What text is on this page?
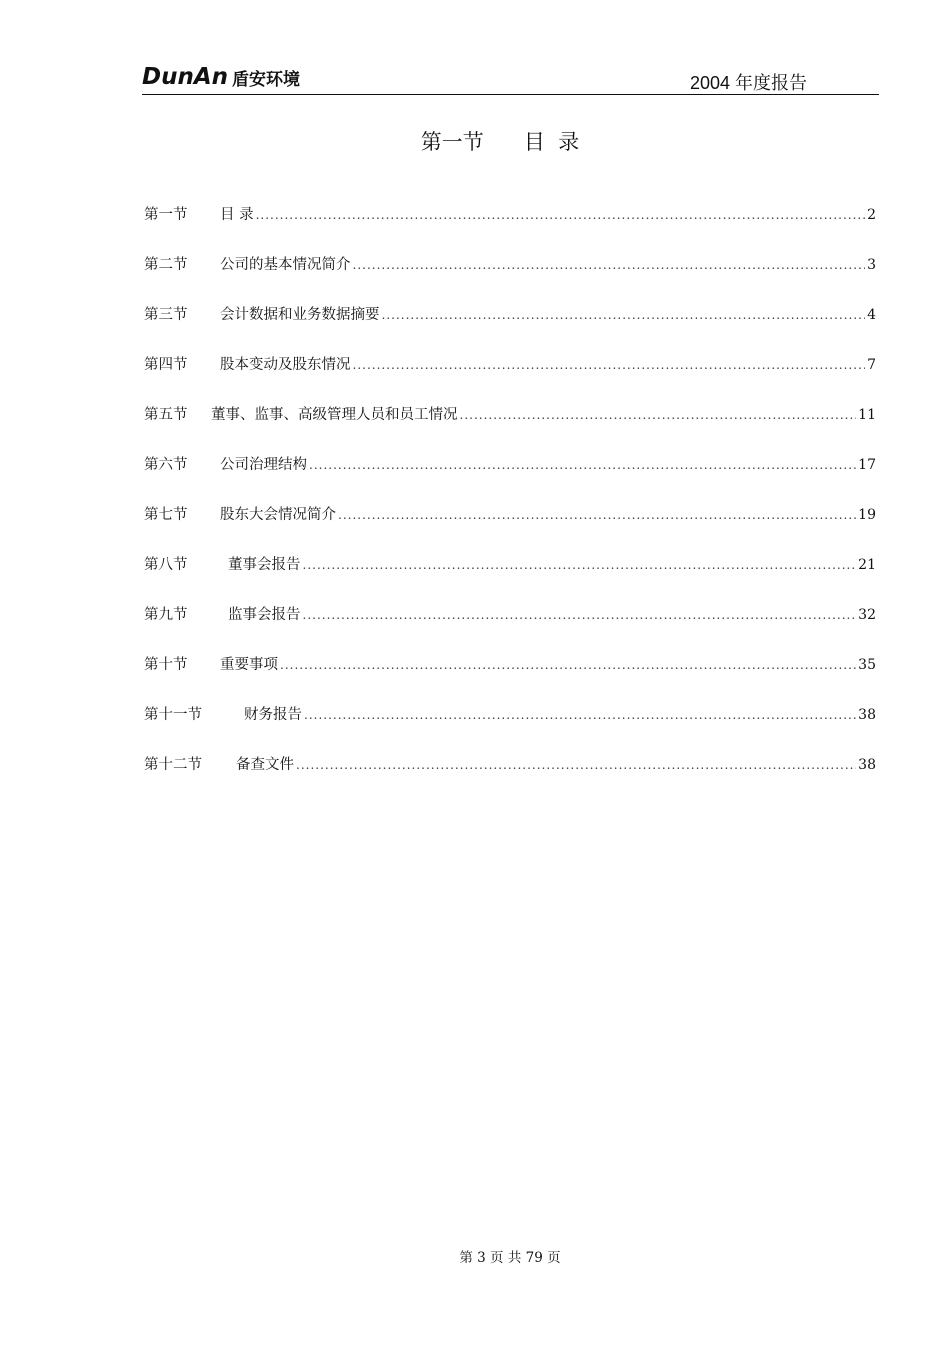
DunAn 盾安环境	2004 年度报告
第一节 目  录
第一节	目 录 .....	2
第二节	公司的基本情况简介 .....	3
第三节	会计数据和业务数据摘要 .....	4
第四节	股本变动及股东情况 .....	7
第五节	董事、监事、高级管理人员和员工情况 .....	11
第六节	公司治理结构 .....	17
第七节	股东大会情况简介 .....	19
第八节	董事会报告 .....	21
第九节	监事会报告 .....	32
第十节	重要事项 .....	35
第十一节	财务报告 .....	38
第十二节	备查文件 .....	38
第 3 页 共 79 页
